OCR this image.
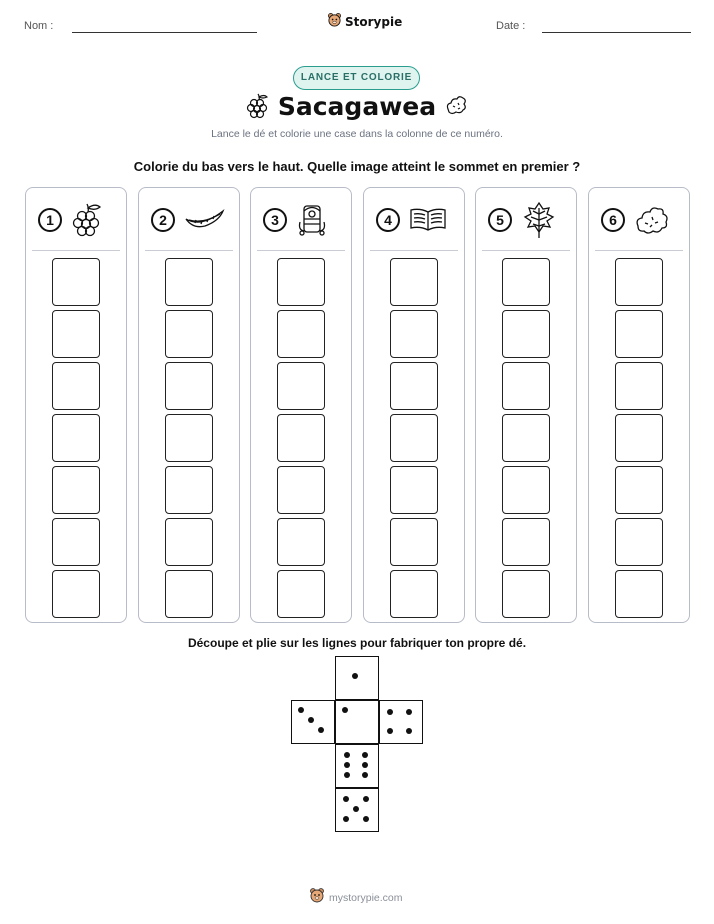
Nom :	Storypie	Date :
LANCE ET COLORIE
Sacagawea
Lance le dé et colorie une case dans la colonne de ce numéro.
Colorie du bas vers le haut. Quelle image atteint le sommet en premier ?
1	2	3	4	5	6
Découpe et plie sur les lignes pour fabriquer ton propre dé.
mystorypie.com
